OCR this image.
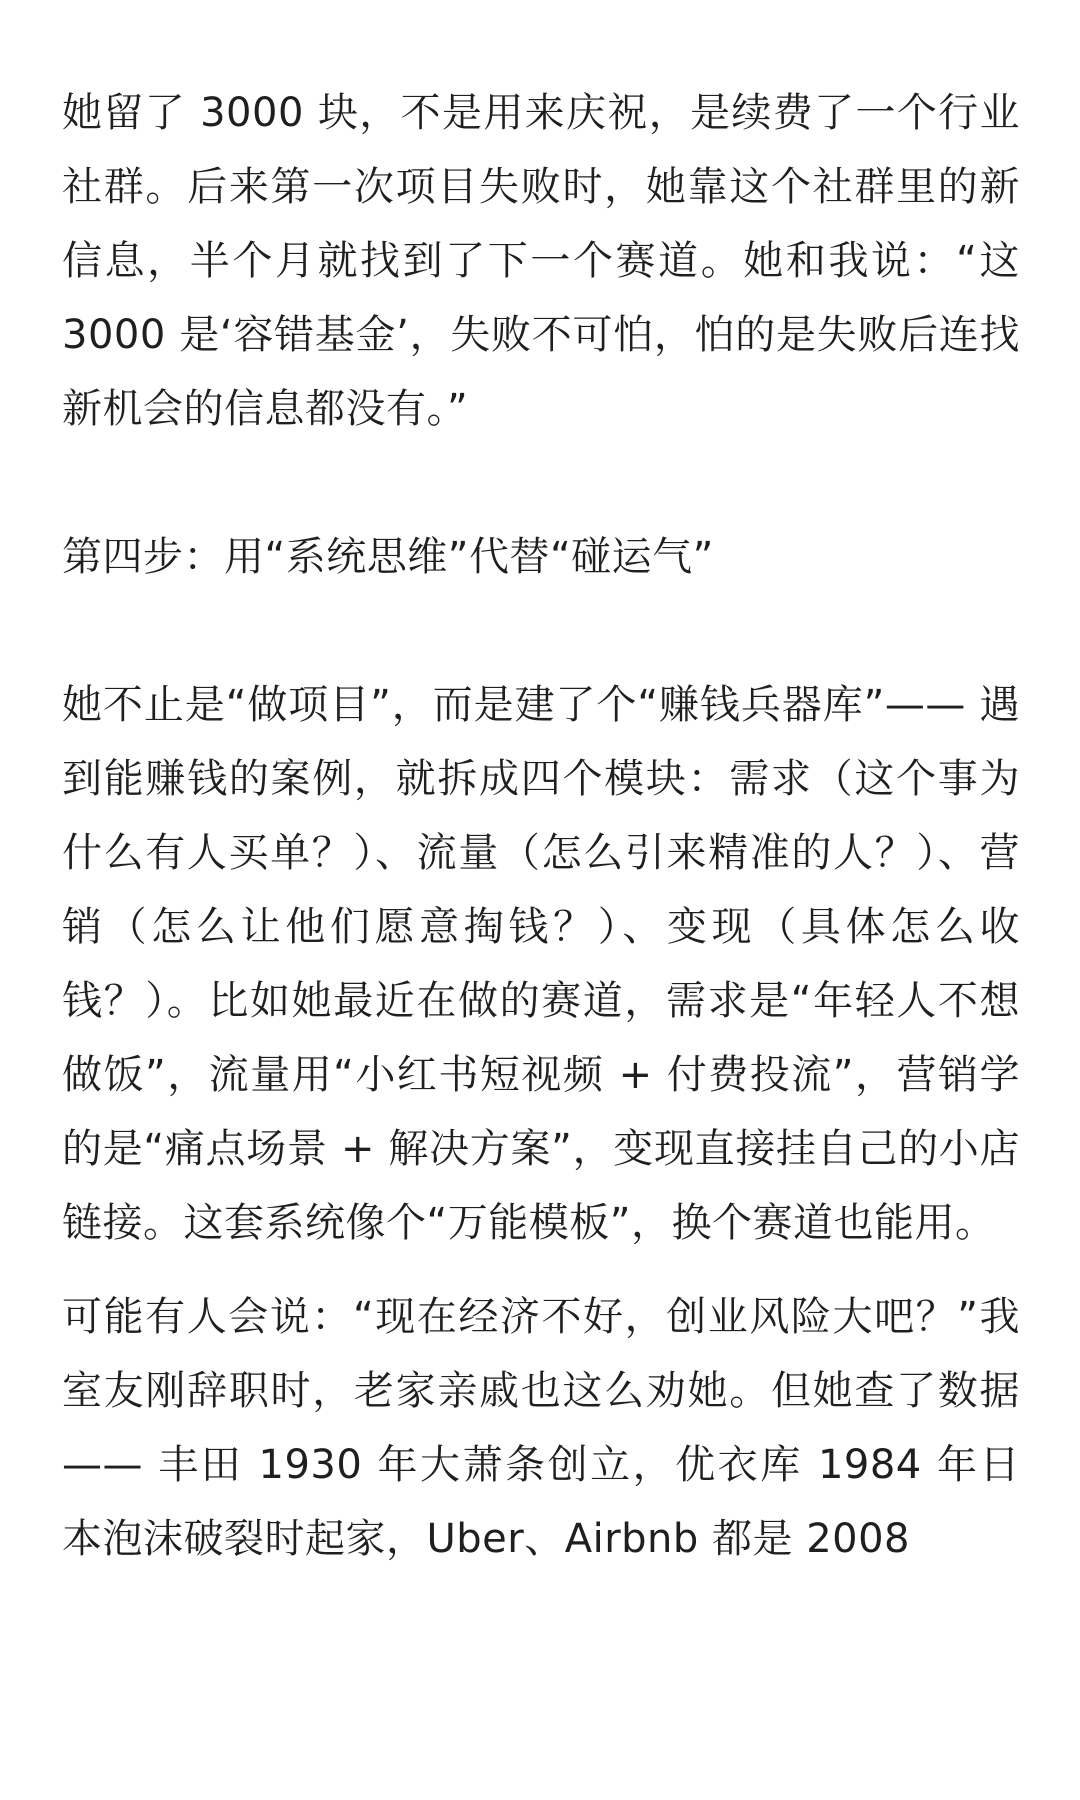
她留了 3000 块，不是用来庆祝，是续费了一个行业社群。后来第一次项目失败时，她靠这个社群里的新信息，半个月就找到了下一个赛道。她和我说：“这 3000 是‘容错基金’，失败不可怕，怕的是失败后连找新机会的信息都没有。”

第四步：用“系统思维”代替“碰运气”

她不止是“做项目”，而是建了个“赚钱兵器库”—— 遇到能赚钱的案例，就拆成四个模块：需求（这个事为什么有人买单？）、流量（怎么引来精准的人？）、营销（怎么让他们愿意掏钱？）、变现（具体怎么收钱？）。比如她最近在做的赛道，需求是“年轻人不想做饭”，流量用“小红书短视频 + 付费投流”，营销学的是“痛点场景 + 解决方案”，变现直接挂自己的小店链接。这套系统像个“万能模板”，换个赛道也能用。

可能有人会说：“现在经济不好，创业风险大吧？”我室友刚辞职时，老家亲戚也这么劝她。但她查了数据 —— 丰田 1930 年大萧条创立，优衣库 1984 年日本泡沫破裂时起家，Uber、Airbnb 都是 2008
